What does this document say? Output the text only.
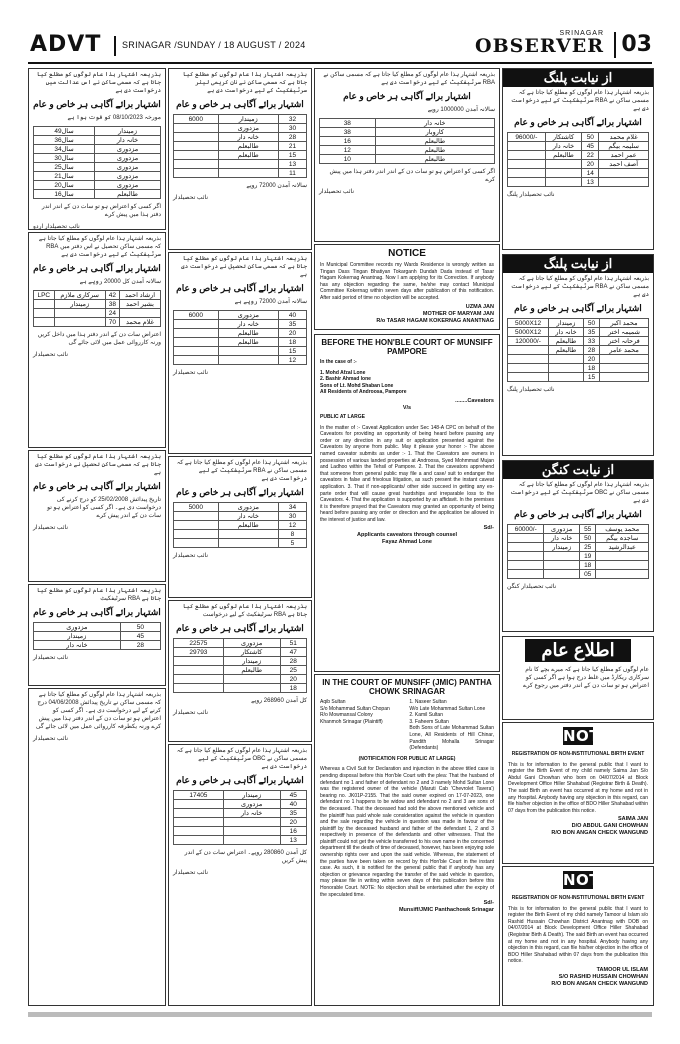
ADVT SRINAGAR /SUNDAY / 18 AUGUST / 2024
SRINAGAR
OBSERVER 03
بذریعہ اشتہار ہذا عام لوگوں کو مطلع کیا جاتا ہے کہ مسمی ساکن نے اس عدالت میں درخواست دی ہے
اشتہار برائے آگاہی ہر خاص و عام
مورخہ 08/10/2023 کو فوت ہوا ہے
49سال	زمیندار
36سال	خانہ دار
34سال	مزدوری
30سال	مزدوری
25سال	مزدوری
21سال	مزدوری
20سال	مزدوری
16سال	طالبعلم
اگر کسی کو اعتراض ہو تو سات دن کے اندر اندر دفتر ہذا میں پیش کرے
نائب تحصیلدار اردو
بذریعہ اشتہار ہذا عام لوگوں کو مطلع کیا جاتا ہے کہ مسمی ساکن تحصیل نے اس دفتر میں RBA سرٹیفکیٹ کے لیے درخواست دی ہے
اشتہار برائے آگاہی ہر خاص و عام
سالانہ آمدن کل 20000 روپے ہے
LPC	سرکاری ملازم	42	ارشاد احمد
	زمیندار	38	بشیر احمد
		24	
		70	غلام محمد
اعتراض سات دن کے اندر دفتر ہذا میں داخل کریں ورنہ کارروائی عمل میں لائی جائے گی
نائب تحصیلدار
بذریعہ اشتہار ہذا عام لوگوں کو مطلع کیا جاتا ہے کہ مسمی ساکن تحصیل نے درخواست دی ہے
اشتہار برائے آگاہی ہر خاص و عام
تاریخ پیدائش 25/02/2008 کو درج کرنے کی درخواست دی ہے۔ اگر کسی کو اعتراض ہو تو سات دن کے اندر پیش کرے
نائب تحصیلدار
بذریعہ اشتہار ہذا عام لوگوں کو مطلع کیا جاتا ہے RBA سرٹیفکیٹ
اشتہار برائے آگاہی ہر خاص و عام
مزدوری	50
زمیندار	45
خانہ دار	28
نائب تحصیلدار
بذریعہ اشتہار ہذا عام لوگوں کو مطلع کیا جاتا ہے کہ مسمی ساکن نے تاریخ پیدائش 04/06/2008 درج کرنے کے لیے درخواست دی ہے۔ اگر کسی کو اعتراض ہو تو سات دن کے اندر دفتر ہذا میں پیش کرے ورنہ یکطرفہ کارروائی عمل میں لائی جائے گی
نائب تحصیلدار
بذریعہ اشتہار ہذا عام لوگوں کو مطلع کیا جاتا ہے کہ مسمی ساکن نے نان کریمی لیئر سرٹیفکیٹ کے لیے درخواست دی ہے
اشتہار برائے آگاہی ہر خاص و عام
6000	زمیندار	32
	مزدوری	30
	خانہ دار	28
	طالبعلم	21
	طالبعلم	15
		13
		11
سالانہ آمدن 72000 روپے
نائب تحصیلدار
بذریعہ اشتہار ہذا عام لوگوں کو مطلع کیا جاتا ہے کہ مسمی ساکن تحصیل نے درخواست دی ہے
اشتہار برائے آگاہی ہر خاص و عام
سالانہ آمدن 72000 روپے ہے
6000	مزدوری	40
	خانہ دار	35
	طالبعلم	20
	طالبعلم	18
		15
		12
نائب تحصیلدار
بذریعہ اشتہار ہذا عام لوگوں کو مطلع کیا جاتا ہے کہ مسمی ساکن نے RBA سرٹیفکیٹ کے لیے درخواست دی ہے
اشتہار برائے آگاہی ہر خاص و عام
5000	مزدوری	34
	خانہ دار	30
	طالبعلم	12
		8
		5
نائب تحصیلدار
بذریعہ اشتہار ہذا عام لوگوں کو مطلع کیا جاتا ہے RBA سرٹیفکیٹ کے لیے درخواست
اشتہار برائے آگاہی ہر خاص و عام
22575	مزدوری	51
29793	کاشتکار	47
	زمیندار	28
	طالبعلم	25
		20
		18
کل آمدن 268960 روپے
نائب تحصیلدار
بذریعہ اشتہار ہذا عام لوگوں کو مطلع کیا جاتا ہے کہ مسمی ساکن نے OBC سرٹیفکیٹ کے لیے درخواست دی ہے
اشتہار برائے آگاہی ہر خاص و عام
17405	زمیندار	45
	مزدوری	40
	خانہ دار	35
		20
		16
		13
کل آمدن 280860 روپے۔ اعتراض سات دن کے اندر پیش کریں
نائب تحصیلدار
بذریعہ اشتہار ہذا عام لوگوں کو مطلع کیا جاتا ہے کہ مسمی ساکن نے RBA سرٹیفکیٹ کے لیے درخواست دی ہے
اشتہار برائے آگاہی ہر خاص و عام
سالانہ آمدن 1000000 روپے
38	خانہ دار
38	کاروبار
16	طالبعلم
12	طالبعلم
10	طالبعلم
اگر کسی کو اعتراض ہو تو سات دن کے اندر اندر دفتر ہذا میں پیش کرے
نائب تحصیلدار
NOTICE
In Municipal Committee records my Wards Residence is wrongly written as Tingan Dass Tingan Bhatiyan Tokarganh Dundah Dada instead of Tasar Hagam Kokernag Anantnag. Now I am applying for its Correction. If anybody has any objection regarding the same, he/she may contact Municipal Committee Kokernag within seven days after publication of this notification. After said period of time no objection will be accepted.
UZMA JAN
MOTHER OF MARYAM JAN
R/o TASAR HAGAM KOKERNAG ANANTNAG
BEFORE THE HON'BLE COURT OF MUNSIFF PAMPORE
In the case of :-
1. Mohd Afzal Lone
2. Bashir Ahmad lone
Sons of Lt. Mohd Shaban Lone
All Residents of Androosa, Pampore
........Caveators
V/s
PUBLIC AT LARGE
In the matter of :- Caveat Application under Sec 148-A CPC on behalf of the Caveators for providing an opportunity of being heard before passing any order or any direction in any suit or application presented against the Caveators by anyone from public. May it please your honor :- The above named caveator submits as under :- 1. That the Caveators are owners in possession of various landed properties at Androosa, Syed Mohmmad Mujan and Ladhoo within the Tehsil of Pampore. 2. That the caveators apprehend that someone from general public may file a and case/ suit to endanger the caveators in false and frivolous litigation, as such present the instant caveat application. 3. That if non-applicants/ other side succeed in getting any ex-parte order that will cause great hardships and irreparable loss to the Caveators. 4. That the application is supported by an affidavit. In the premises it is therefore prayed that the Caveators may granted an opportunity of being heard before passing any order or direction and the application be allowed in the interest of justice and law.
Sd/-
Applicants caveators through counsel
Fayaz Ahmad Lone
IN THE COURT OF MUNSIFF (JMIC) PANTHA CHOWK SRINAGAR
Aqib Sultan
S/o Mohammad Sultan Chopan
R/o Mowmansal Colony
Khanmoh Srinagar (Plaintiff)
1. Naseer Sultan
W/o Late Mohammad Sultan Lone
2. Kamil Sultan
3. Faheem Sultan
Both Sons of Late Mohammad Sultan Lone, All Residents of Hill Chinar, Pandith Mohalla Srinagar (Defendants)
(NOTIFICATION FOR PUBLIC AT LARGE)
Whereas a Civil Suit for Declaration and injunction in the above titled case is pending disposal before this Hon'ble Court with the plea: That the husband of defendant no 1 and father of defendant no 2 and 3 namely Mohd Sultan Lone was the registered owner of the vehicle (Maruti Cab 'Chevrolet Tavera') bearing no. JK01P-2155. That the said owner expired on 17-07-2023, one defendant no 1 happens to be widow and defendant no 2 and 3 are sons of the deceased. That the deceased had sold the above mentioned vehicle and the plaintiff has paid whole sale consideration against the vehicle in question and the sale regarding the vehicle in question was made in favour of the plaintiff by the deceased husband and father of the defendant 1, 2 and 3 respectively in presence of the defendants and other witnesses. That the plaintiff could not get the vehicle transferred to his own name in the concerned department till the death of time of deceased, however, has been enjoying sole ownership rights over and upon the said vehicle. Whereas, the statement of the parties have been taken on record by this Hon'ble Court in the instant case. As such, it is notified for the general public that if anybody has any objection or grievance regarding the transfer of the said vehicle in question, may please file in writing within seven days of this publication before this Honorable Court. NOTE: No objection shall be entertained after the expiry of the speculated time.
Sd/-
Munsiff/JMIC Panthachowk Srinagar
از نیابت پلنگ
بذریعہ اشتہار ہذا عام لوگوں کو مطلع کیا جاتا ہے کہ مسمی ساکن نے RBA سرٹیفکیٹ کے لیے درخواست دی ہے
اشتہار برائے آگاہی ہر خاص و عام
96000/-	کاشتکار	50	غلام محمد
	خانہ دار	45	سلیمہ بیگم
	طالبعلم	22	عمر احمد
		20	آصف احمد
		14	
		13	
نائب تحصیلدار پلنگ
از نیابت پلنگ
بذریعہ اشتہار ہذا عام لوگوں کو مطلع کیا جاتا ہے کہ مسمی ساکن نے RBA سرٹیفکیٹ کے لیے درخواست دی ہے
اشتہار برائے آگاہی ہر خاص و عام
5000X12	زمیندار	50	محمد اکبر
5000X12	خانہ دار	35	شمیمہ اختر
120000/-	طالبعلم	33	فرحانہ اختر
	طالبعلم	28	محمد عامر
		20	
		18	
		15	
نائب تحصیلدار پلنگ
از نیابت کنگن
بذریعہ اشتہار ہذا عام لوگوں کو مطلع کیا جاتا ہے کہ مسمی ساکن نے OBC سرٹیفکیٹ کے لیے درخواست دی ہے
اشتہار برائے آگاہی ہر خاص و عام
60000/-	مزدوری	55	محمد یوسف
	خانہ دار	50	ساجدہ بیگم
	زمیندار	25	عبدالرشید
		19	
		18	
		05	
نائب تحصیلدار کنگن
اطلاع عام
عام لوگوں کو مطلع کیا جاتا ہے کہ میرے بچے کا نام سرکاری ریکارڈ میں غلط درج ہوا ہے اگر کسی کو اعتراض ہو تو سات دن کے اندر دفتر میں رجوع کرے
NOTICE
REGISTRATION OF NON-INSTITUTIONAL BIRTH EVENT
This is for information to the general public that I want to register the Birth Event of my child namely Saima Jan S/o Abdul Gani Chowhan who born on 04/07/2014 at Block Development Office Hiller Shahabad (Registrar Birth & Death). The said Birth an event has occurred at my home and not in any Hospital. Anybody having any objection in this regard, can file his/her objection in the office of BDO Hiller Shahabad within 07 days from the publication this notice.
SAIMA JAN
D/O ABDUL GANI CHOWHAN
R/O BON ANGAN CHECK WANGUND
NOTICE
REGISTRATION OF NON-INSTITUTIONAL BIRTH EVENT
This is for information to the general public that I want to register the Birth Event of my child namely Tamoor ul Islam s/o Rashid Hussain Chowhan District Anantnag with DOB on 04/07/2014 at Block Development Office Hiller Shahabad (Registrar Birth & Death). The said Birth an event has occurred at my home and not in any hospital. Anybody having any objection in this regard, can file his/her objection in the office of BDO Hiller Shahabad within 07 days from the publication this notice.
TAMOOR UL ISLAM
S/O RASHID HUSSAIN CHOWHAN
R/O BON ANGAN CHECK WANGUND
